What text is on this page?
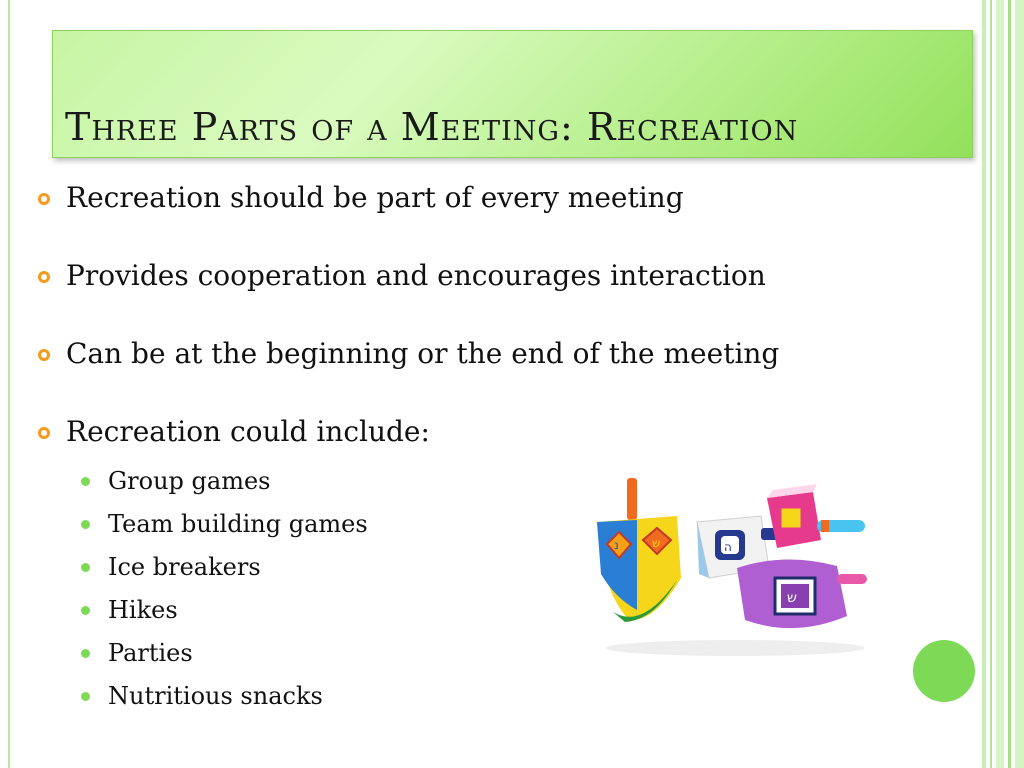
Three Parts of a Meeting: Recreation
Recreation should be part of every meeting
Provides cooperation and encourages interaction
Can be at the beginning or the end of the meeting
Recreation could include:
Group games
Team building games
Ice breakers
Hikes
Parties
Nutritious snacks
ש
נ	ה
ש
